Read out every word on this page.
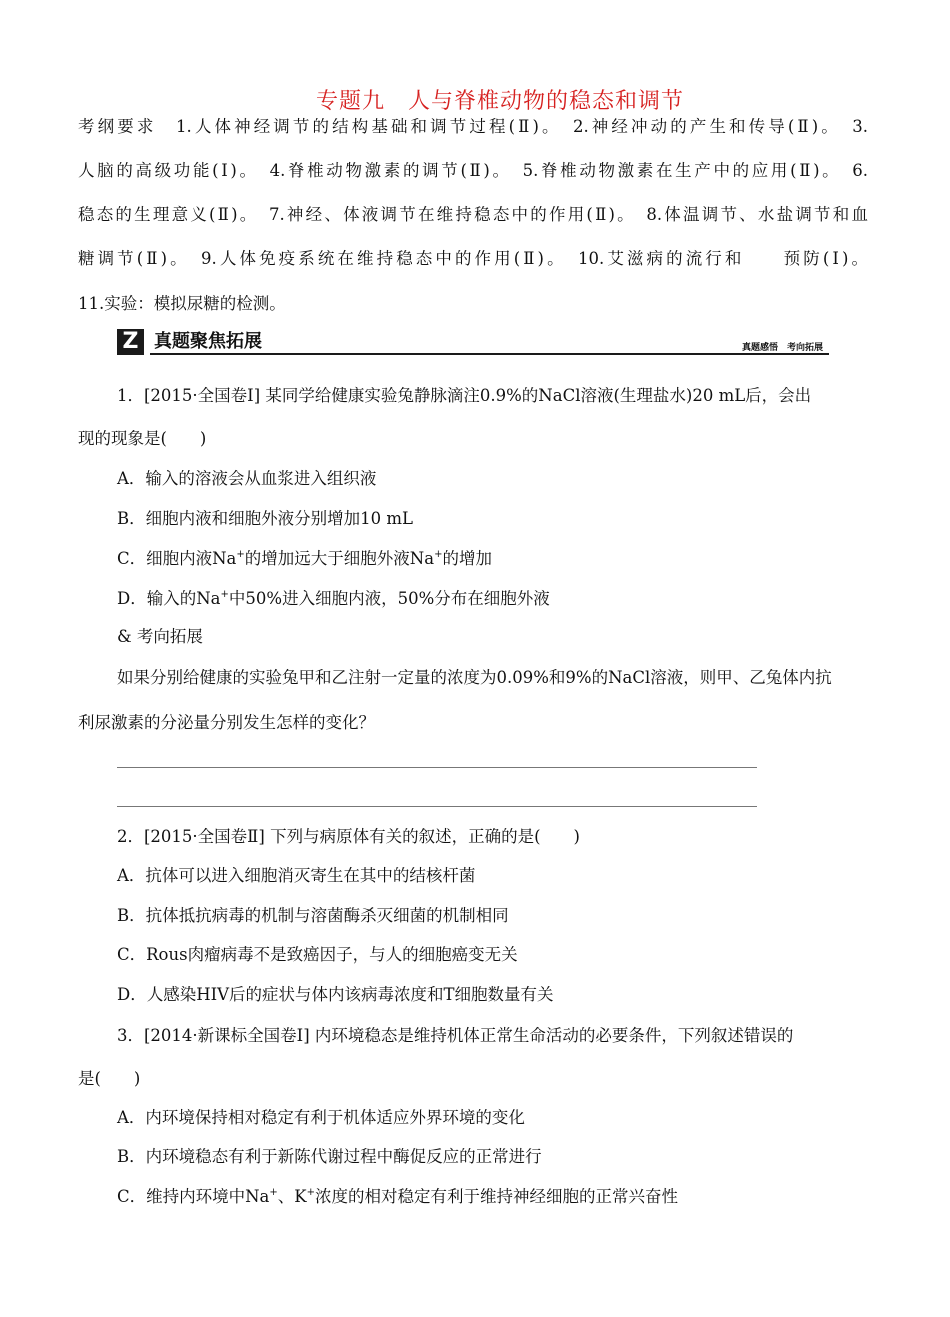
专题九　人与脊椎动物的稳态和调节
考纲要求　1.人体神经调节的结构基础和调节过程(Ⅱ)。　2.神经冲动的产生和传导(Ⅱ)。　3.
人脑的高级功能(Ⅰ)。　4.脊椎动物激素的调节(Ⅱ)。　5.脊椎动物激素在生产中的应用(Ⅱ)。　6.
稳态的生理意义(Ⅱ)。　7.神经、体液调节在维持稳态中的作用(Ⅱ)。　8.体温调节、水盐调节和血
糖调节(Ⅱ)。　9.人体免疫系统在维持稳态中的作用(Ⅱ)。　10.艾滋病的流行和　　预防(Ⅰ)。
11.实验：模拟尿糖的检测。
Z 真题聚焦拓展	真题感悟　考向拓展
1．[2015·全国卷Ⅰ] 某同学给健康实验兔静脉滴注0.9%的NaCl溶液(生理盐水)20 mL后，会出
现的现象是(　　)
A．输入的溶液会从血浆进入组织液
B．细胞内液和细胞外液分别增加10 mL
C．细胞内液Na+的增加远大于细胞外液Na+的增加
D．输入的Na+中50%进入细胞内液，50%分布在细胞外液
& 考向拓展
如果分别给健康的实验兔甲和乙注射一定量的浓度为0.09%和9%的NaCl溶液，则甲、乙兔体内抗
利尿激素的分泌量分别发生怎样的变化？
2．[2015·全国卷Ⅱ] 下列与病原体有关的叙述，正确的是(　　)
A．抗体可以进入细胞消灭寄生在其中的结核杆菌
B．抗体抵抗病毒的机制与溶菌酶杀灭细菌的机制相同
C．Rous肉瘤病毒不是致癌因子，与人的细胞癌变无关
D．人感染HIV后的症状与体内该病毒浓度和T细胞数量有关
3．[2014·新课标全国卷Ⅰ] 内环境稳态是维持机体正常生命活动的必要条件，下列叙述错误的
是(　　)
A．内环境保持相对稳定有利于机体适应外界环境的变化
B．内环境稳态有利于新陈代谢过程中酶促反应的正常进行
C．维持内环境中Na+、K+浓度的相对稳定有利于维持神经细胞的正常兴奋性
